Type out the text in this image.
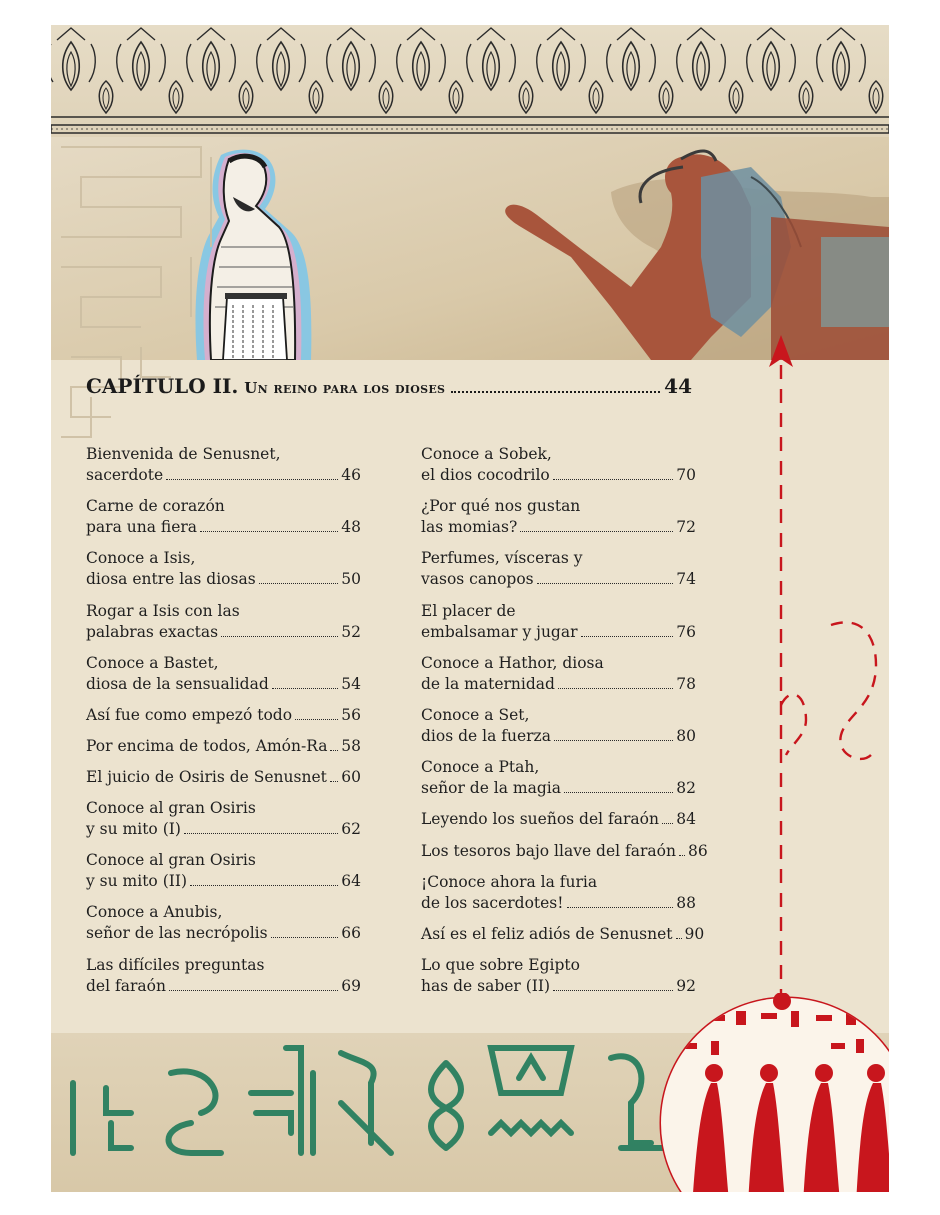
CAPÍTULO II. Un reino para los dioses	44
Bienvenida de Senusnet,
sacerdote	46
Carne de corazón
para una fiera	48
Conoce a Isis,
diosa entre las diosas	50
Rogar a Isis con las
palabras exactas	52
Conoce a Bastet,
diosa de la sensualidad	54
Así fue como empezó todo	56
Por encima de todos, Amón-Ra 58
El juicio de Osiris de Senusnet 60
Conoce al gran Osiris
y su mito (I)	62
Conoce al gran Osiris
y su mito (II)	64
Conoce a Anubis,
señor de las necrópolis	66
Las difíciles preguntas
del faraón	69
Conoce a Sobek,
el dios cocodrilo	70
¿Por qué nos gustan
las momias?	72
Perfumes, vísceras y
vasos canopos	74
El placer de
embalsamar y jugar	76
Conoce a Hathor, diosa
de la maternidad	78
Conoce a Set,
dios de la fuerza	80
Conoce a Ptah,
señor de la magia	82
Leyendo los sueños del faraón 84
Los tesoros bajo llave del faraón 86
¡Conoce ahora la furia
de los sacerdotes!	88
Así es el feliz adiós de Senusnet 90
Lo que sobre Egipto
has de saber (II)	92
